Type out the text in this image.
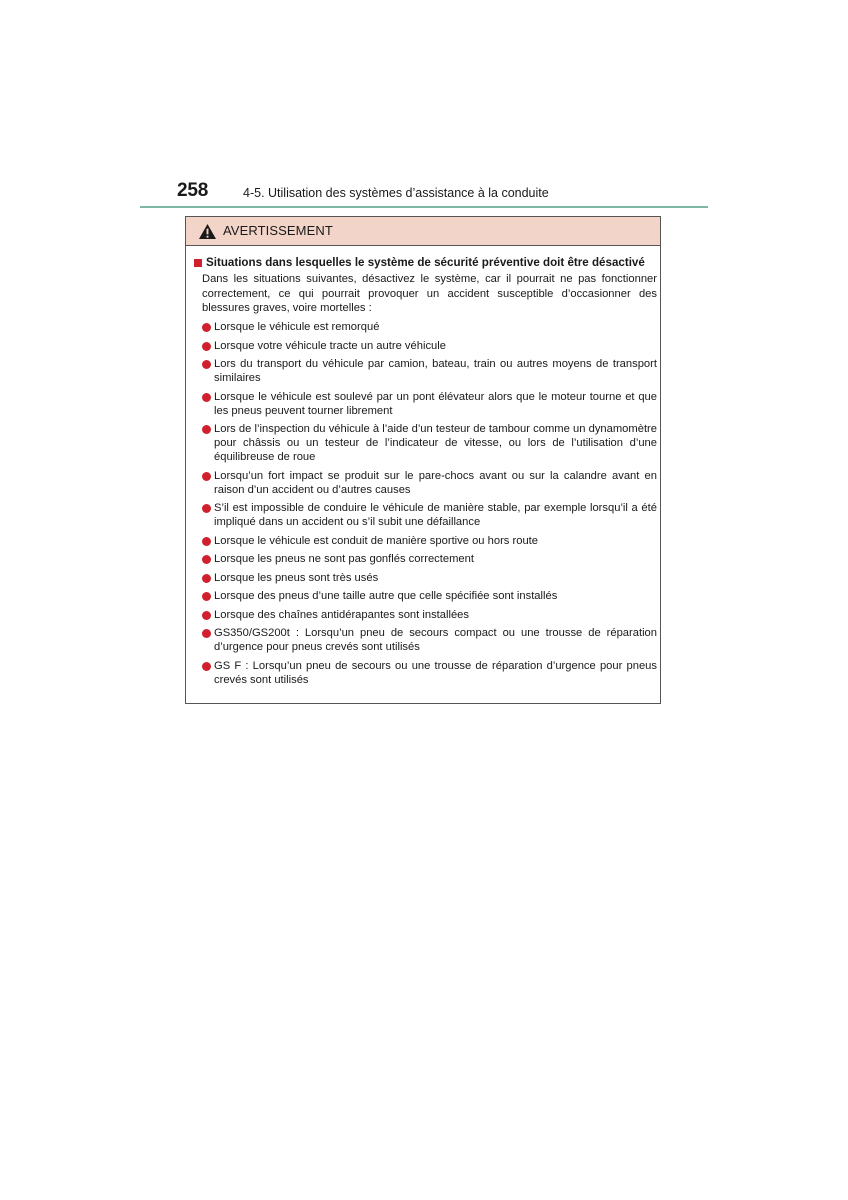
258	4-5. Utilisation des systèmes d’assistance à la conduite
AVERTISSEMENT
Situations dans lesquelles le système de sécurité préventive doit être désactivé

Dans les situations suivantes, désactivez le système, car il pourrait ne pas fonctionner correctement, ce qui pourrait provoquer un accident susceptible d’occasionner des blessures graves, voire mortelles :

Lorsque le véhicule est remorqué
Lorsque votre véhicule tracte un autre véhicule
Lors du transport du véhicule par camion, bateau, train ou autres moyens de transport similaires
Lorsque le véhicule est soulevé par un pont élévateur alors que le moteur tourne et que les pneus peuvent tourner librement
Lors de l’inspection du véhicule à l’aide d’un testeur de tambour comme un dynamomètre pour châssis ou un testeur de l’indicateur de vitesse, ou lors de l’utilisation d’une équilibreuse de roue
Lorsqu’un fort impact se produit sur le pare-chocs avant ou sur la calandre avant en raison d’un accident ou d’autres causes
S’il est impossible de conduire le véhicule de manière stable, par exemple lorsqu’il a été impliqué dans un accident ou s’il subit une défaillance
Lorsque le véhicule est conduit de manière sportive ou hors route
Lorsque les pneus ne sont pas gonflés correctement
Lorsque les pneus sont très usés
Lorsque des pneus d’une taille autre que celle spécifiée sont installés
Lorsque des chaînes antidérapantes sont installées
GS350/GS200t : Lorsqu’un pneu de secours compact ou une trousse de réparation d’urgence pour pneus crevés sont utilisés
GS F : Lorsqu’un pneu de secours ou une trousse de réparation d’urgence pour pneus crevés sont utilisés
